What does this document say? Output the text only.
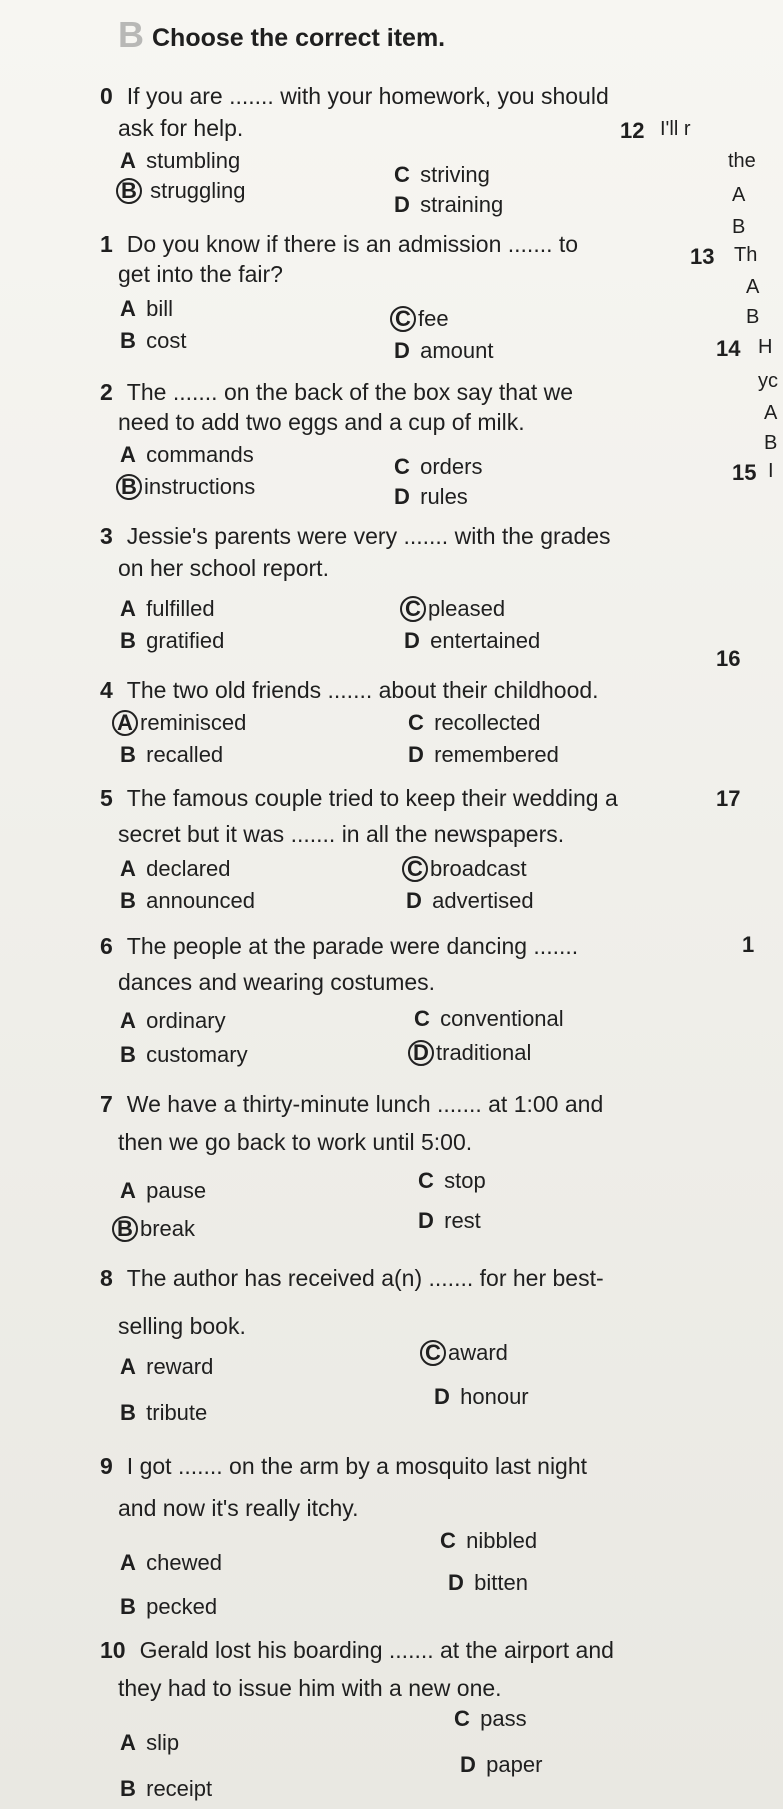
B Choose the correct item.
0 If you are ....... with your homework, you should
ask for help.
A stumbling
B struggling
C striving
D straining
1 Do you know if there is an admission ....... to
get into the fair?
A bill
B cost
C fee
D amount
2 The ....... on the back of the box say that we
need to add two eggs and a cup of milk.
A commands
B instructions
C orders
D rules
3 Jessie's parents were very ....... with the grades
on her school report.
A fulfilled
B gratified
C pleased
D entertained
16
4 The two old friends ....... about their childhood.
A reminisced
B recalled
C recollected
D remembered
5 The famous couple tried to keep their wedding a	17
secret but it was ....... in all the newspapers.
A declared
B announced
C broadcast
D advertised
6 The people at the parade were dancing .......	1
dances and wearing costumes.
A ordinary
B customary
C conventional
D traditional
7 We have a thirty-minute lunch ....... at 1:00 and
then we go back to work until 5:00.
A pause
B break
C stop
D rest
8 The author has received a(n) ....... for her best-
selling book.
C award
A reward
D honour
B tribute
9 I got ....... on the arm by a mosquito last night
and now it's really itchy.
C nibbled
A chewed
D bitten
B pecked
10 Gerald lost his boarding ....... at the airport and
they had to issue him with a new one.
C pass
A slip
D paper
B receipt
12 I'll r
the
A
B
13 Th
A
B
14 H
yc
A
B
15 I
